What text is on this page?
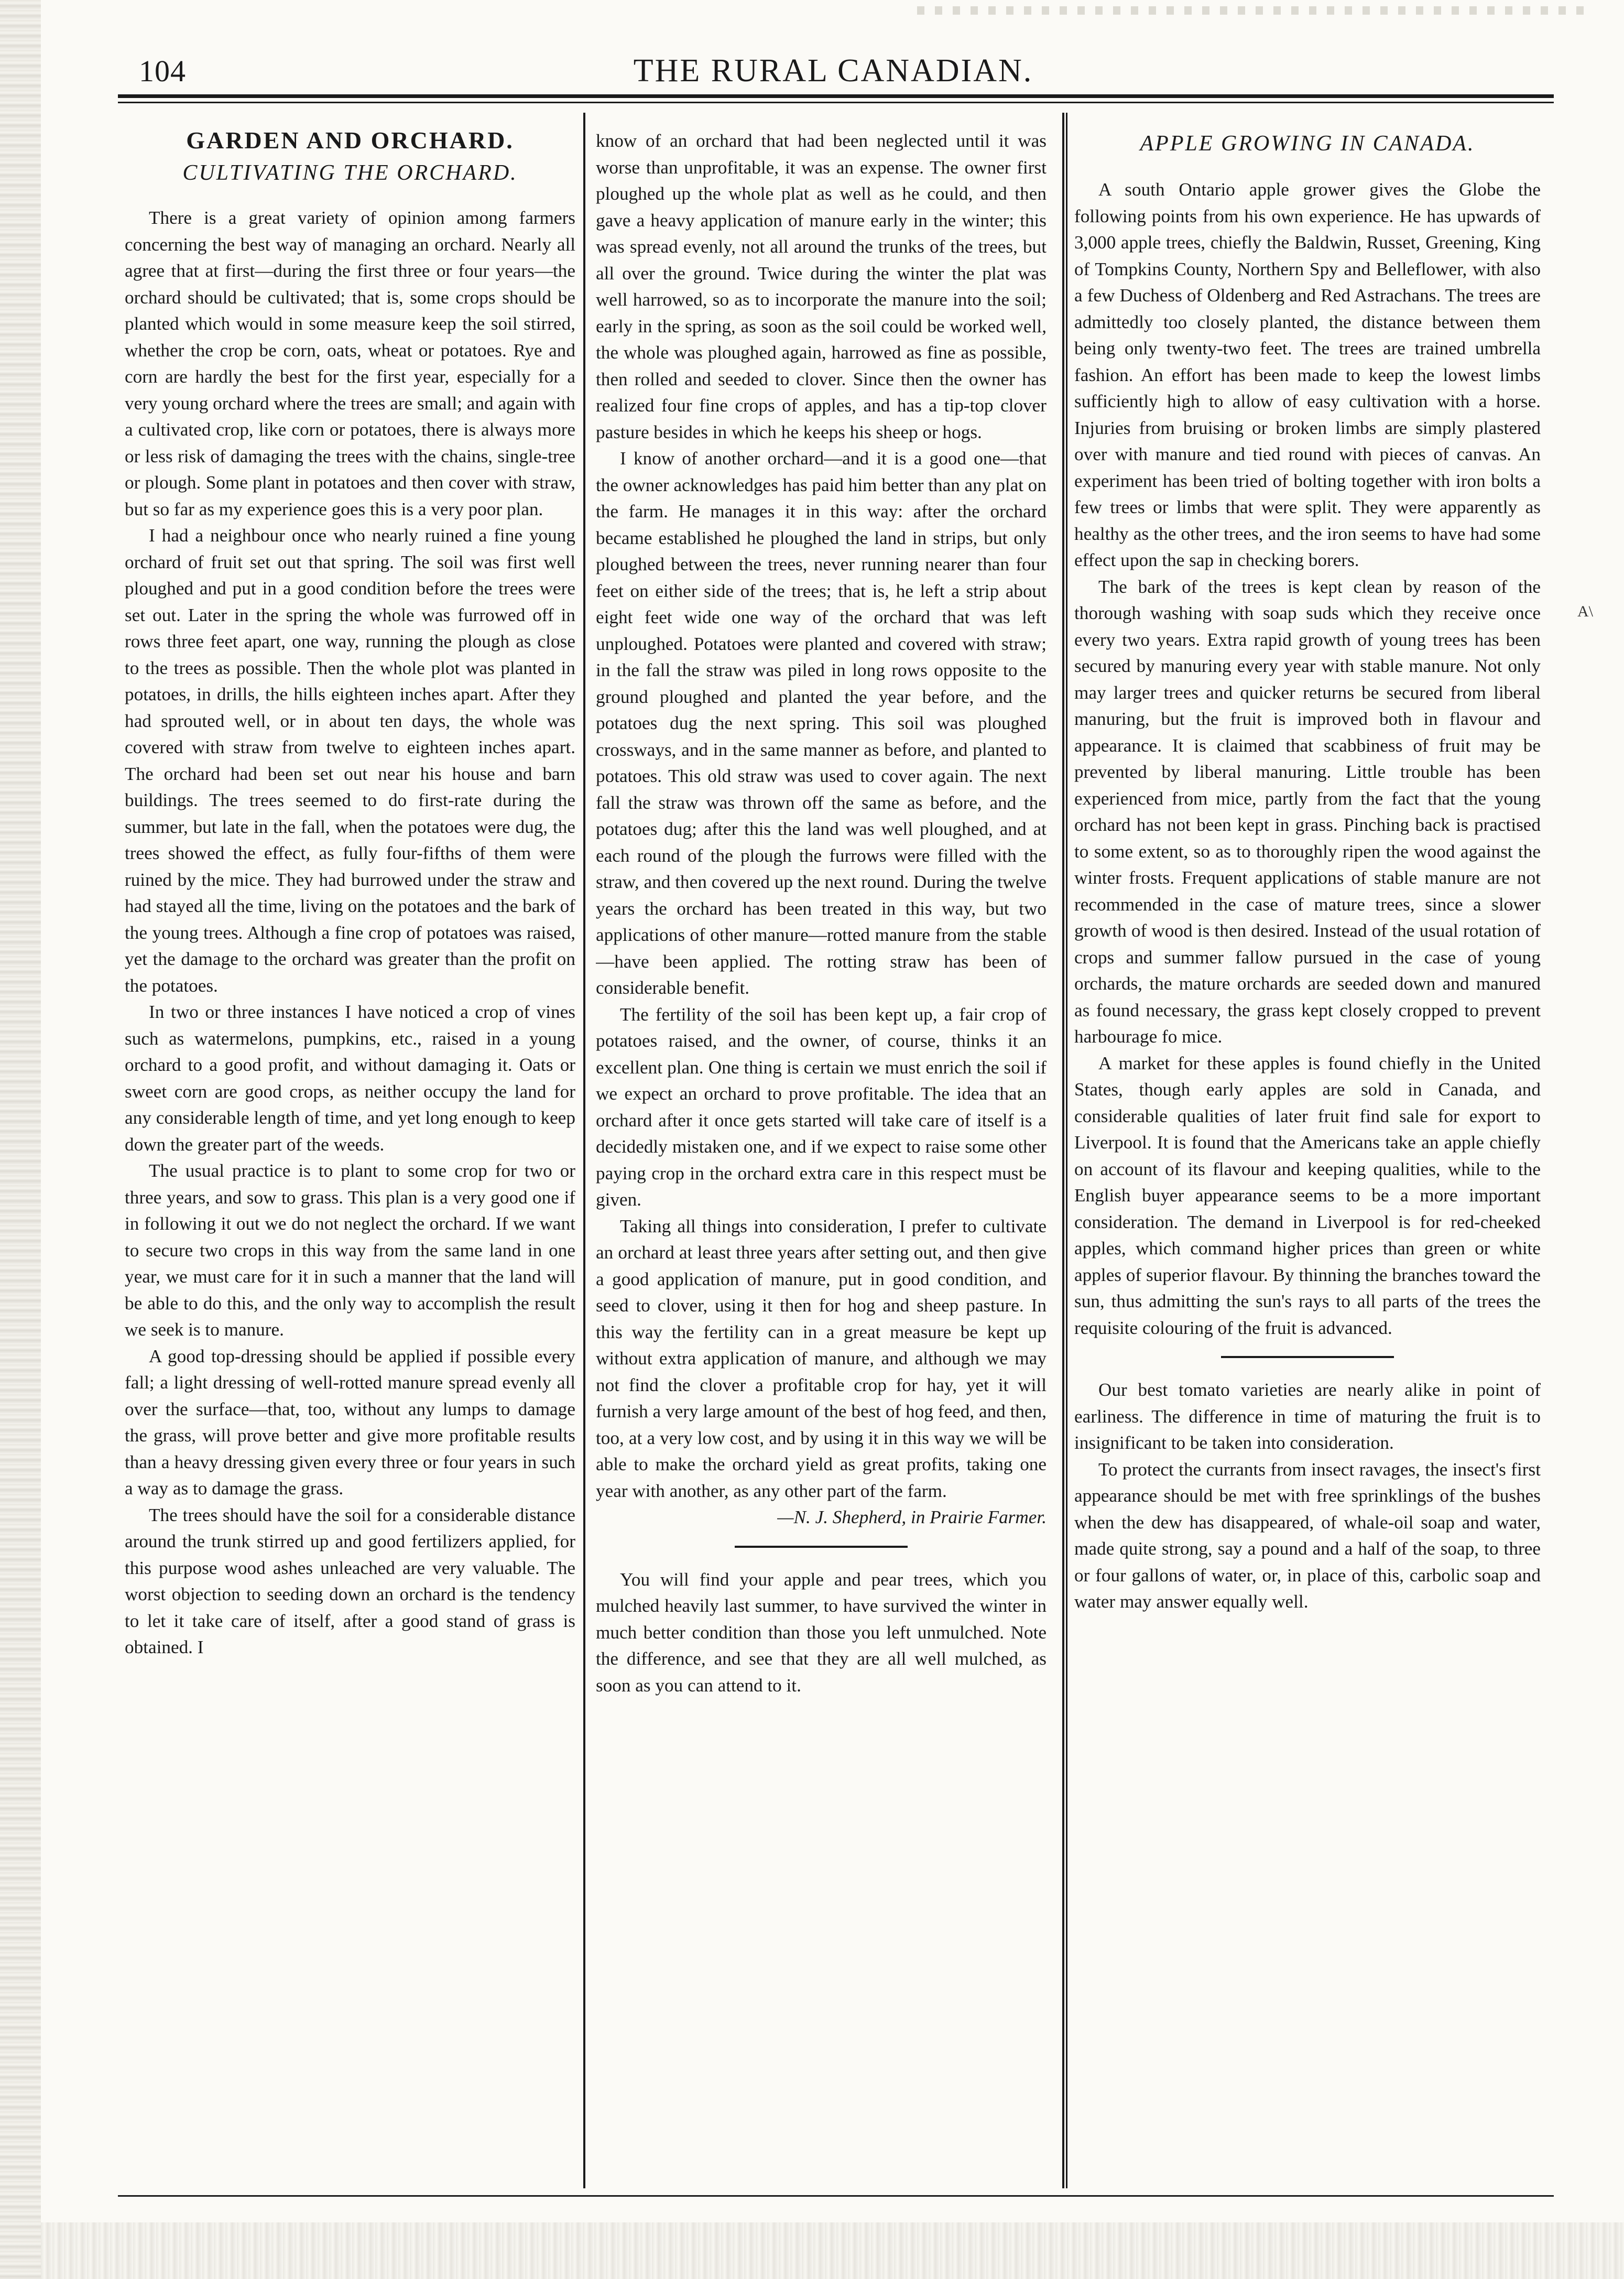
104	THE RURAL CANADIAN.
GARDEN AND ORCHARD.
CULTIVATING THE ORCHARD.

There is a great variety of opinion among farmers concerning the best way of managing an orchard. Nearly all agree that at first—during the first three or four years—the orchard should be cultivated; that is, some crops should be planted which would in some measure keep the soil stirred, whether the crop be corn, oats, wheat or potatoes. Rye and corn are hardly the best for the first year, especially for a very young orchard where the trees are small; and again with a cultivated crop, like corn or potatoes, there is always more or less risk of damaging the trees with the chains, single-tree or plough. Some plant in potatoes and then cover with straw, but so far as my experience goes this is a very poor plan.

I had a neighbour once who nearly ruined a fine young orchard of fruit set out that spring. The soil was first well ploughed and put in a good condition before the trees were set out. Later in the spring the whole was furrowed off in rows three feet apart, one way, running the plough as close to the trees as possible. Then the whole plot was planted in potatoes, in drills, the hills eighteen inches apart. After they had sprouted well, or in about ten days, the whole was covered with straw from twelve to eighteen inches apart. The orchard had been set out near his house and barn buildings. The trees seemed to do first-rate during the summer, but late in the fall, when the potatoes were dug, the trees showed the effect, as fully four-fifths of them were ruined by the mice. They had burrowed under the straw and had stayed all the time, living on the potatoes and the bark of the young trees. Although a fine crop of potatoes was raised, yet the damage to the orchard was greater than the profit on the potatoes.

In two or three instances I have noticed a crop of vines such as watermelons, pumpkins, etc., raised in a young orchard to a good profit, and without damaging it. Oats or sweet corn are good crops, as neither occupy the land for any considerable length of time, and yet long enough to keep down the greater part of the weeds.

The usual practice is to plant to some crop for two or three years, and sow to grass. This plan is a very good one if in following it out we do not neglect the orchard. If we want to secure two crops in this way from the same land in one year, we must care for it in such a manner that the land will be able to do this, and the only way to accomplish the result we seek is to manure.

A good top-dressing should be applied if possible every fall; a light dressing of well-rotted manure spread evenly all over the surface—that, too, without any lumps to damage the grass, will prove better and give more profitable results than a heavy dressing given every three or four years in such a way as to damage the grass.

The trees should have the soil for a considerable distance around the trunk stirred up and good fertilizers applied, for this purpose wood ashes unleached are very valuable. The worst objection to seeding down an orchard is the tendency to let it take care of itself, after a good stand of grass is obtained. I

know of an orchard that had been neglected until it was worse than unprofitable, it was an expense. The owner first ploughed up the whole plat as well as he could, and then gave a heavy application of manure early in the winter; this was spread evenly, not all around the trunks of the trees, but all over the ground. Twice during the winter the plat was well harrowed, so as to incorporate the manure into the soil; early in the spring, as soon as the soil could be worked well, the whole was ploughed again, harrowed as fine as possible, then rolled and seeded to clover. Since then the owner has realized four fine crops of apples, and has a tip-top clover pasture besides in which he keeps his sheep or hogs.

I know of another orchard—and it is a good one—that the owner acknowledges has paid him better than any plat on the farm. He manages it in this way: after the orchard became established he ploughed the land in strips, but only ploughed between the trees, never running nearer than four feet on either side of the trees; that is, he left a strip about eight feet wide one way of the orchard that was left unploughed. Potatoes were planted and covered with straw; in the fall the straw was piled in long rows opposite to the ground ploughed and planted the year before, and the potatoes dug the next spring. This soil was ploughed crossways, and in the same manner as before, and planted to potatoes. This old straw was used to cover again. The next fall the straw was thrown off the same as before, and the potatoes dug; after this the land was well ploughed, and at each round of the plough the furrows were filled with the straw, and then covered up the next round. During the twelve years the orchard has been treated in this way, but two applications of other manure—rotted manure from the stable—have been applied. The rotting straw has been of considerable benefit.

The fertility of the soil has been kept up, a fair crop of potatoes raised, and the owner, of course, thinks it an excellent plan. One thing is certain we must enrich the soil if we expect an orchard to prove profitable. The idea that an orchard after it once gets started will take care of itself is a decidedly mistaken one, and if we expect to raise some other paying crop in the orchard extra care in this respect must be given.

Taking all things into consideration, I prefer to cultivate an orchard at least three years after setting out, and then give a good application of manure, put in good condition, and seed to clover, using it then for hog and sheep pasture. In this way the fertility can in a great measure be kept up without extra application of manure, and although we may not find the clover a profitable crop for hay, yet it will furnish a very large amount of the best of hog feed, and then, too, at a very low cost, and by using it in this way we will be able to make the orchard yield as great profits, taking one year with another, as any other part of the farm.

—N. J. Shepherd, in Prairie Farmer.

You will find your apple and pear trees, which you mulched heavily last summer, to have survived the winter in much better condition than those you left unmulched. Note the difference, and see that they are all well mulched, as soon as you can attend to it.

APPLE GROWING IN CANADA.

A south Ontario apple grower gives the Globe the following points from his own experience. He has upwards of 3,000 apple trees, chiefly the Baldwin, Russet, Greening, King of Tompkins County, Northern Spy and Belleflower, with also a few Duchess of Oldenberg and Red Astrachans. The trees are admittedly too closely planted, the distance between them being only twenty-two feet. The trees are trained umbrella fashion. An effort has been made to keep the lowest limbs sufficiently high to allow of easy cultivation with a horse. Injuries from bruising or broken limbs are simply plastered over with manure and tied round with pieces of canvas. An experiment has been tried of bolting together with iron bolts a few trees or limbs that were split. They were apparently as healthy as the other trees, and the iron seems to have had some effect upon the sap in checking borers.

The bark of the trees is kept clean by reason of the thorough washing with soap suds which they receive once every two years. Extra rapid growth of young trees has been secured by manuring every year with stable manure. Not only may larger trees and quicker returns be secured from liberal manuring, but the fruit is improved both in flavour and appearance. It is claimed that scabbiness of fruit may be prevented by liberal manuring. Little trouble has been experienced from mice, partly from the fact that the young orchard has not been kept in grass. Pinching back is practised to some extent, so as to thoroughly ripen the wood against the winter frosts. Frequent applications of stable manure are not recommended in the case of mature trees, since a slower growth of wood is then desired. Instead of the usual rotation of crops and summer fallow pursued in the case of young orchards, the mature orchards are seeded down and manured as found necessary, the grass kept closely cropped to prevent harbourage fo mice.

A market for these apples is found chiefly in the United States, though early apples are sold in Canada, and considerable qualities of later fruit find sale for export to Liverpool. It is found that the Americans take an apple chiefly on account of its flavour and keeping qualities, while to the English buyer appearance seems to be a more important consideration. The demand in Liverpool is for red-cheeked apples, which command higher prices than green or white apples of superior flavour. By thinning the branches toward the sun, thus admitting the sun's rays to all parts of the trees the requisite colouring of the fruit is advanced.

Our best tomato varieties are nearly alike in point of earliness. The difference in time of maturing the fruit is to insignificant to be taken into consideration.

To protect the currants from insect ravages, the insect's first appearance should be met with free sprinklings of the bushes when the dew has disappeared, of whale-oil soap and water, made quite strong, say a pound and a half of the soap, to three or four gallons of water, or, in place of this, carbolic soap and water may answer equally well.

A\
